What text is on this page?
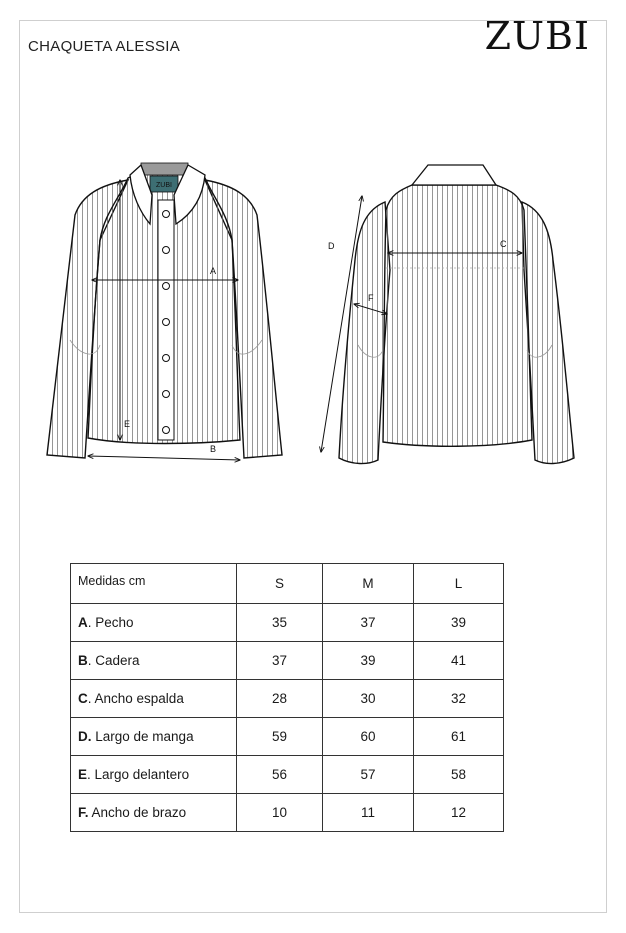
CHAQUETA ALESSIA	ZUBI
ZUBI
A
B
E
C
D
F
Medidas cm	S	M	L
A. Pecho	35	37	39
B. Cadera	37	39	41
C. Ancho espalda	28	30	32
D. Largo de manga	59	60	61
E. Largo delantero	56	57	58
F. Ancho de brazo	10	11	12
